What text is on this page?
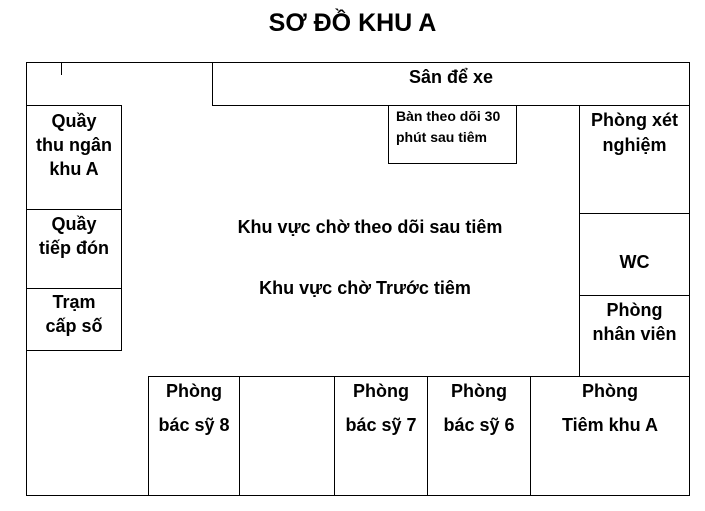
SƠ ĐỒ KHU A
Sân để xe
Bàn theo dõi 30
phút sau tiêm
Quầy
thu ngân
khu A
Quầy
tiếp đón
Trạm
cấp số
Phòng xét
nghiệm
WC
Phòng
nhân viên
Khu vực chờ theo dõi sau tiêm
Khu vực chờ Trước tiêm
Phòng
bác sỹ 8
Phòng
bác sỹ 7
Phòng
bác sỹ 6
Phòng
Tiêm khu A
